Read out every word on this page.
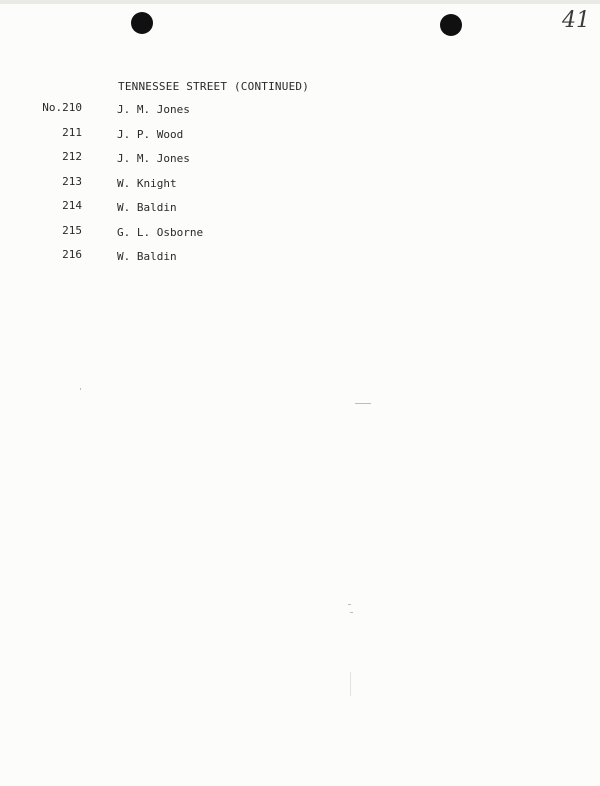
41
TENNESSEE STREET (CONTINUED)
No.210	J. M. Jones
211	J. P. Wood
212	J. M. Jones
213	W. Knight
214	W. Baldin
215	G. L. Osborne
216	W. Baldin
